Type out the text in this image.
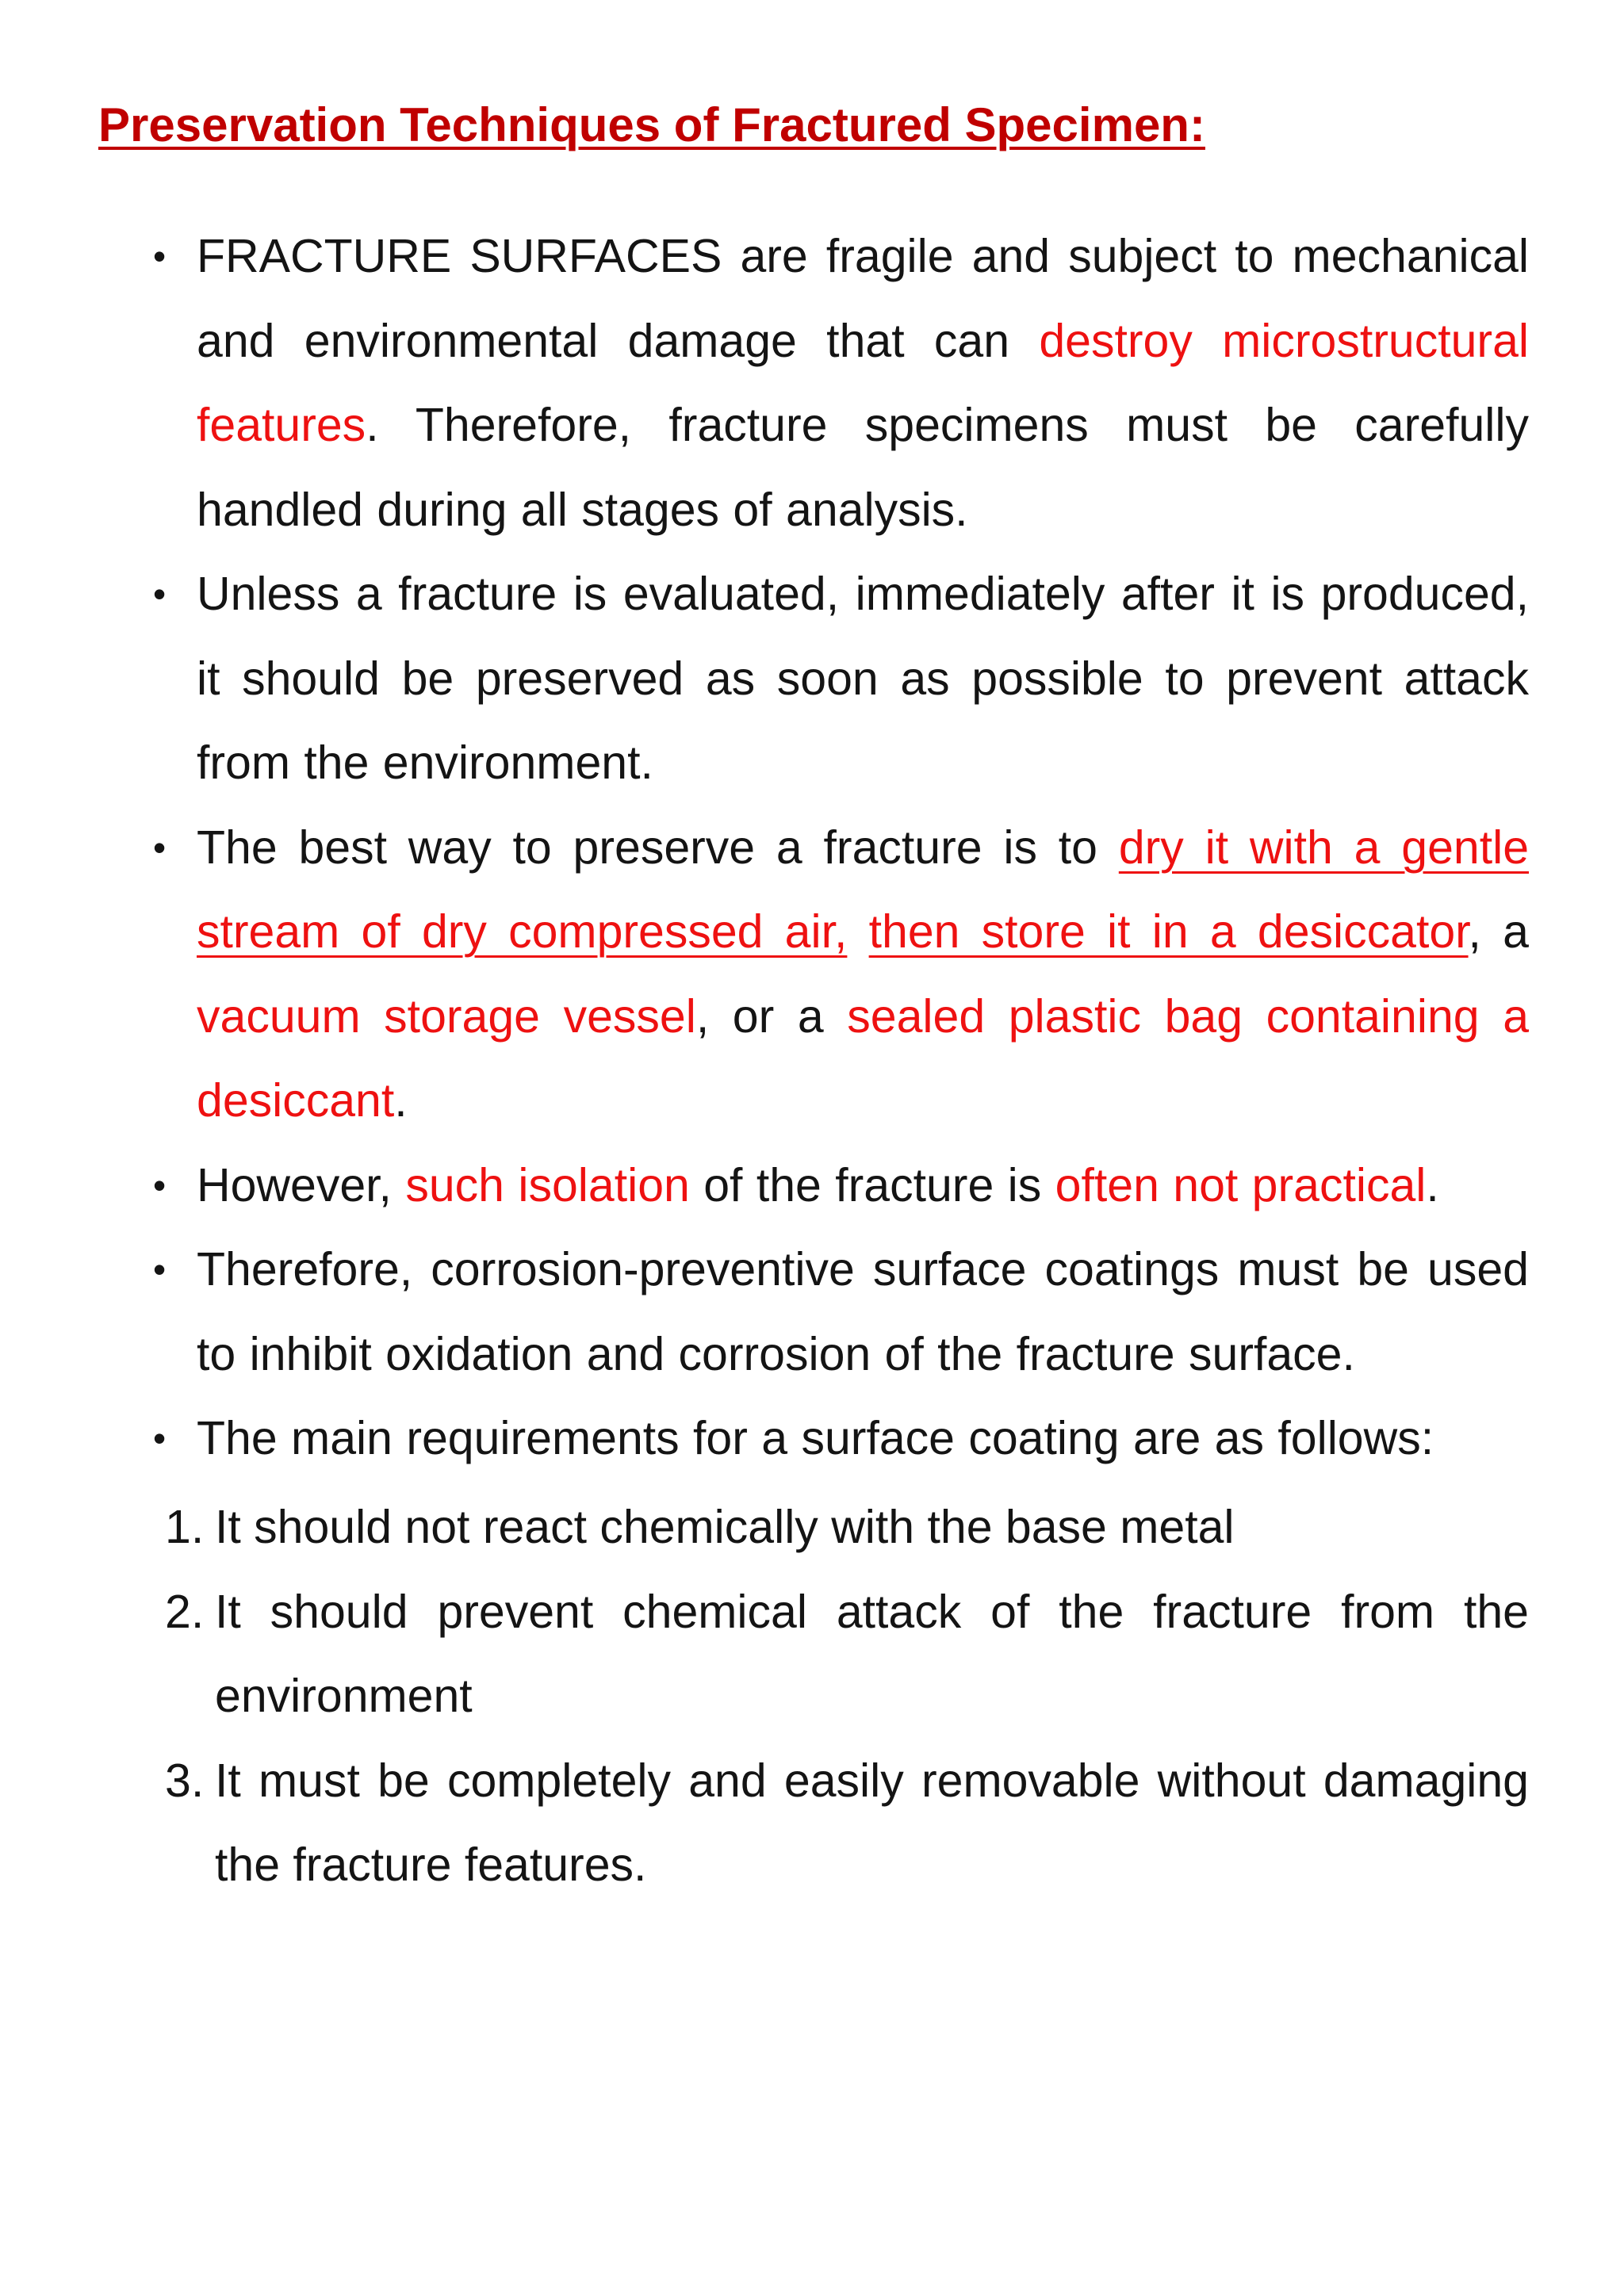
Preservation Techniques of Fractured Specimen:
• FRACTURE SURFACES are fragile and subject to mechanical and environmental damage that can destroy microstructural features. Therefore, fracture specimens must be carefully handled during all stages of analysis.

• Unless a fracture is evaluated, immediately after it is produced, it should be preserved as soon as possible to prevent attack from the environment.

• The best way to preserve a fracture is to dry it with a gentle stream of dry compressed air, then store it in a desiccator, a vacuum storage vessel, or a sealed plastic bag containing a desiccant.

• However, such isolation of the fracture is often not practical.

• Therefore, corrosion-preventive surface coatings must be used to inhibit oxidation and corrosion of the fracture surface.

• The main requirements for a surface coating are as follows:

1. It should not react chemically with the base metal

2. It should prevent chemical attack of the fracture from the environment

3. It must be completely and easily removable without damaging the fracture features.
